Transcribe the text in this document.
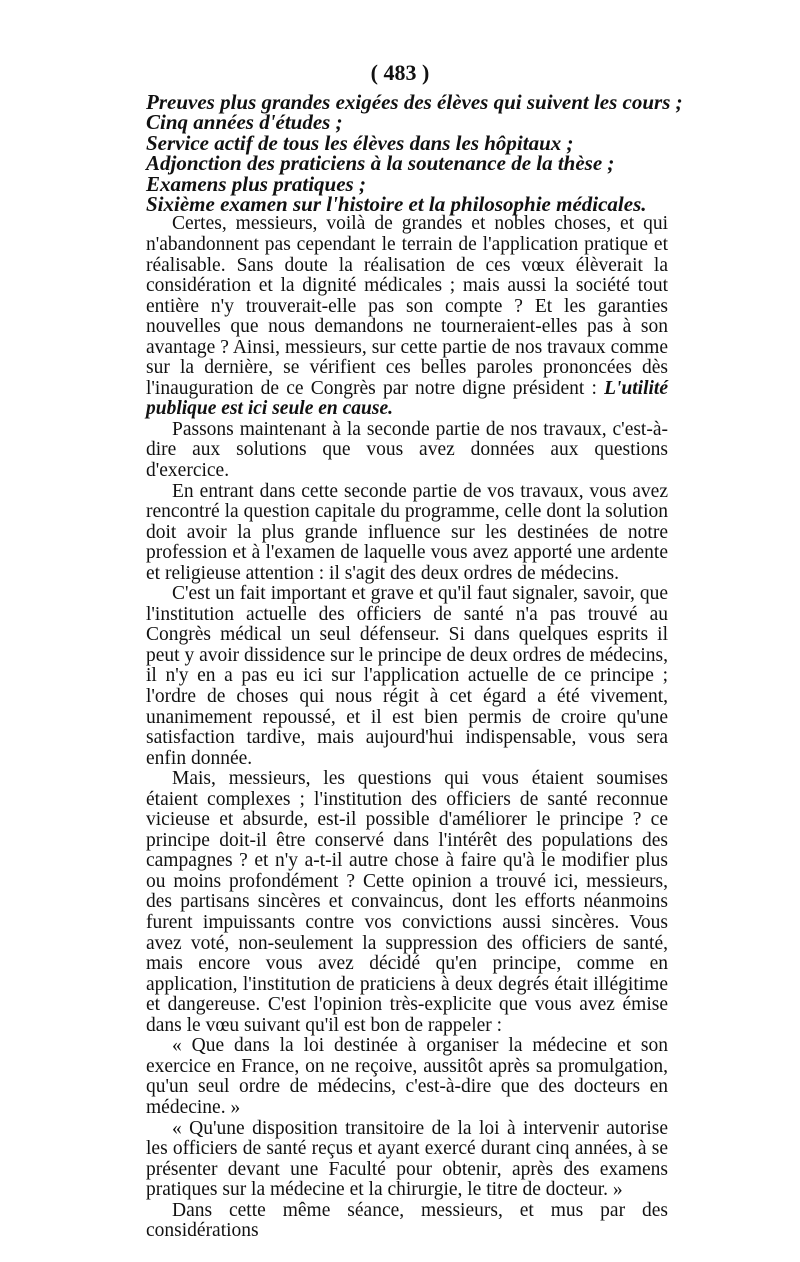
( 483 )
Preuves plus grandes exigées des élèves qui suivent les cours ;
Cinq années d'études ;
Service actif de tous les élèves dans les hôpitaux ;
Adjonction des praticiens à la soutenance de la thèse ;
Examens plus pratiques ;
Sixième examen sur l'histoire et la philosophie médicales.

Certes, messieurs, voilà de grandes et nobles choses, et qui n'abandonnent pas cependant le terrain de l'application pratique et réalisable. Sans doute la réalisation de ces vœux élèverait la considération et la dignité médicales ; mais aussi la société tout entière n'y trouverait-elle pas son compte ? Et les garanties nouvelles que nous demandons ne tourneraient-elles pas à son avantage ? Ainsi, messieurs, sur cette partie de nos travaux comme sur la dernière, se vérifient ces belles paroles prononcées dès l'inauguration de ce Congrès par notre digne président : L'utilité publique est ici seule en cause.

Passons maintenant à la seconde partie de nos travaux, c'est-à-dire aux solutions que vous avez données aux questions d'exercice.

En entrant dans cette seconde partie de vos travaux, vous avez rencontré la question capitale du programme, celle dont la solution doit avoir la plus grande influence sur les destinées de notre profession et à l'examen de laquelle vous avez apporté une ardente et religieuse attention : il s'agit des deux ordres de médecins.

C'est un fait important et grave et qu'il faut signaler, savoir, que l'institution actuelle des officiers de santé n'a pas trouvé au Congrès médical un seul défenseur. Si dans quelques esprits il peut y avoir dissidence sur le principe de deux ordres de médecins, il n'y en a pas eu ici sur l'application actuelle de ce principe ; l'ordre de choses qui nous régit à cet égard a été vivement, unanimement repoussé, et il est bien permis de croire qu'une satisfaction tardive, mais aujourd'hui indispensable, vous sera enfin donnée.

Mais, messieurs, les questions qui vous étaient soumises étaient complexes ; l'institution des officiers de santé reconnue vicieuse et absurde, est-il possible d'améliorer le principe ? ce principe doit-il être conservé dans l'intérêt des populations des campagnes ? et n'y a-t-il autre chose à faire qu'à le modifier plus ou moins profondément ? Cette opinion a trouvé ici, messieurs, des partisans sincères et convaincus, dont les efforts néanmoins furent impuissants contre vos convictions aussi sincères. Vous avez voté, non-seulement la suppression des officiers de santé, mais encore vous avez décidé qu'en principe, comme en application, l'institution de praticiens à deux degrés était illégitime et dangereuse. C'est l'opinion très-explicite que vous avez émise dans le vœu suivant qu'il est bon de rappeler :

« Que dans la loi destinée à organiser la médecine et son exercice en France, on ne reçoive, aussitôt après sa promulgation, qu'un seul ordre de médecins, c'est-à-dire que des docteurs en médecine. »

« Qu'une disposition transitoire de la loi à intervenir autorise les officiers de santé reçus et ayant exercé durant cinq années, à se présenter devant une Faculté pour obtenir, après des examens pratiques sur la médecine et la chirurgie, le titre de docteur. »

Dans cette même séance, messieurs, et mus par des considérations
